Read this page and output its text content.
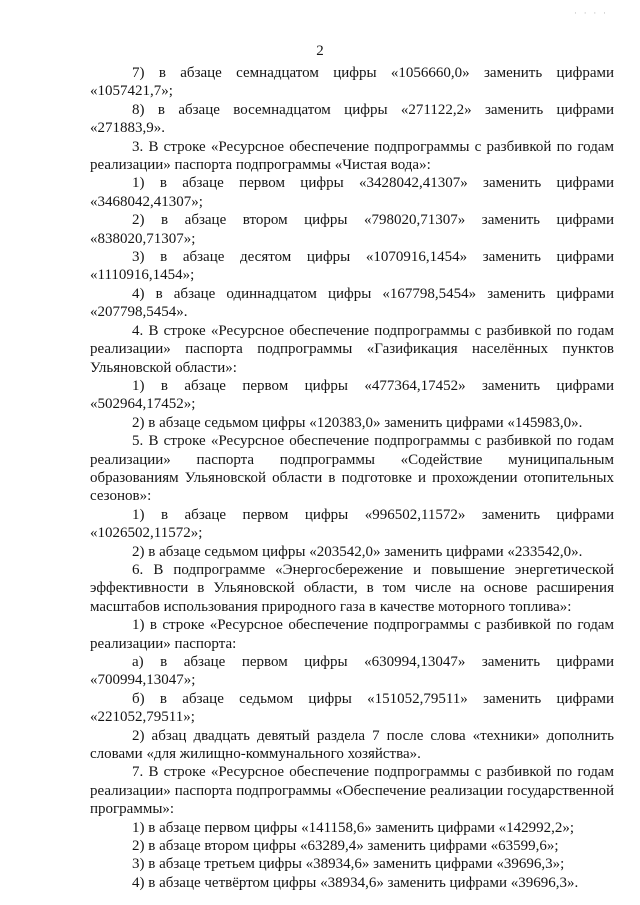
· · · ·
2

7) в абзаце семнадцатом цифры «1056660,0» заменить цифрами «1057421,7»;

8) в абзаце восемнадцатом цифры «271122,2» заменить цифрами «271883,9».

3. В строке «Ресурсное обеспечение подпрограммы с разбивкой по годам реализации» паспорта подпрограммы «Чистая вода»:

1) в абзаце первом цифры «3428042,41307» заменить цифрами «3468042,41307»;

2) в абзаце втором цифры «798020,71307» заменить цифрами «838020,71307»;

3) в абзаце десятом цифры «1070916,1454» заменить цифрами «1110916,1454»;

4) в абзаце одиннадцатом цифры «167798,5454» заменить цифрами «207798,5454».

4. В строке «Ресурсное обеспечение подпрограммы с разбивкой по годам реализации» паспорта подпрограммы «Газификация населённых пунктов Ульяновской области»:

1) в абзаце первом цифры «477364,17452» заменить цифрами «502964,17452»;

2) в абзаце седьмом цифры «120383,0» заменить цифрами «145983,0».

5. В строке «Ресурсное обеспечение подпрограммы с разбивкой по годам реализации» паспорта подпрограммы «Содействие муниципальным образованиям Ульяновской области в подготовке и прохождении отопительных сезонов»:

1) в абзаце первом цифры «996502,11572» заменить цифрами «1026502,11572»;

2) в абзаце седьмом цифры «203542,0» заменить цифрами «233542,0».

6. В подпрограмме «Энергосбережение и повышение энергетической эффективности в Ульяновской области, в том числе на основе расширения масштабов использования природного газа в качестве моторного топлива»:

1) в строке «Ресурсное обеспечение подпрограммы с разбивкой по годам реализации» паспорта:

а) в абзаце первом цифры «630994,13047» заменить цифрами «700994,13047»;

б) в абзаце седьмом цифры «151052,79511» заменить цифрами «221052,79511»;

2) абзац двадцать девятый раздела 7 после слова «техники» дополнить словами «для жилищно-коммунального хозяйства».

7. В строке «Ресурсное обеспечение подпрограммы с разбивкой по годам реализации» паспорта подпрограммы «Обеспечение реализации государственной программы»:

1) в абзаце первом цифры «141158,6» заменить цифрами «142992,2»;

2) в абзаце втором цифры «63289,4» заменить цифрами «63599,6»;

3) в абзаце третьем цифры «38934,6» заменить цифрами «39696,3»;

4) в абзаце четвёртом цифры «38934,6» заменить цифрами «39696,3».
